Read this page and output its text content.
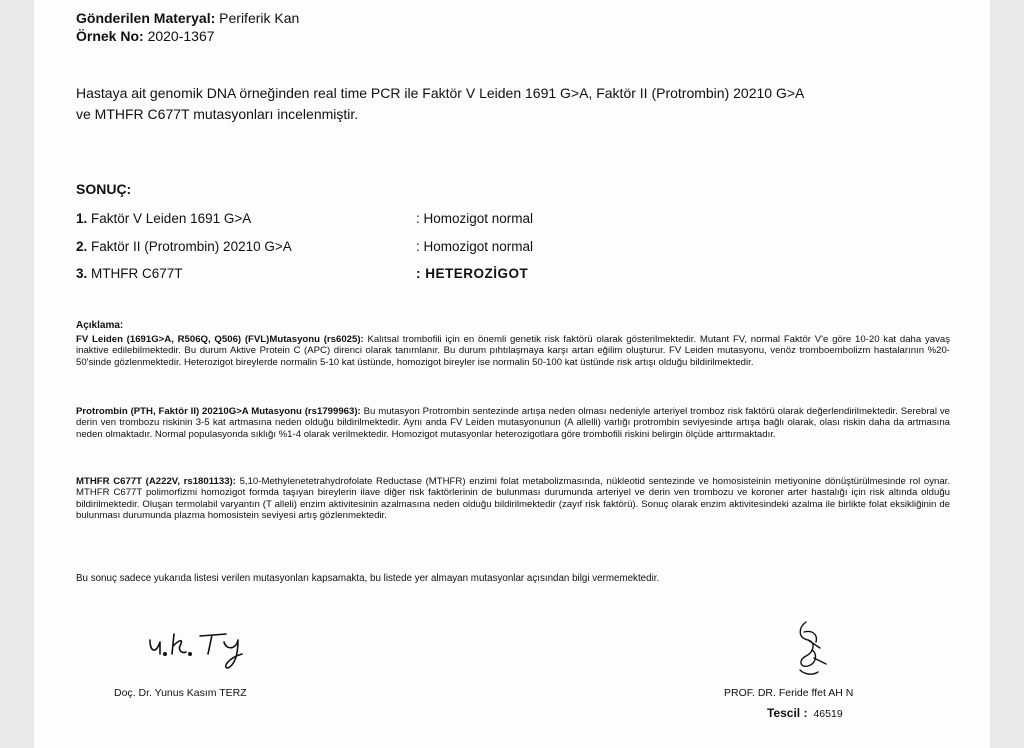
Gönderilen Materyal: Periferik Kan
Örnek No: 2020-1367
Hastaya ait genomik DNA örneğinden real time PCR ile Faktör V Leiden 1691 G>A, Faktör II (Protrombin) 20210 G>A
ve MTHFR C677T mutasyonları incelenmiştir.
SONUÇ:
1. Faktör V Leiden 1691 G>A	: Homozigot normal
2. Faktör II (Protrombin) 20210 G>A	: Homozigot normal
3. MTHFR C677T	: HETEROZİGOT
Açıklama:
FV Leiden (1691G>A, R506Q, Q506) (FVL)Mutasyonu (rs6025): Kalıtsal trombofili için en önemli genetik risk faktörü olarak gösterilmektedir. Mutant FV, normal Faktör V'e göre 10-20 kat daha yavaş inaktive edilebilmektedir. Bu durum Aktive Protein C (APC) direnci olarak tanımlanır. Bu durum pıhtılaşmaya karşı artan eğilim oluşturur. FV Leiden mutasyonu, venöz tromboembolizm hastalarının %20-50'sinde gözlenmektedir. Heterozigot bireylerde normalin 5-10 kat üstünde, homozigot bireyler ise normalin 50-100 kat üstünde risk artışı olduğu bildirilmektedir.
Protrombin (PTH, Faktör II) 20210G>A Mutasyonu (rs1799963): Bu mutasyon Protrombin sentezinde artışa neden olması nedeniyle arteriyel tromboz risk faktörü olarak değerlendirilmektedir. Serebral ve derin ven trombozu riskinin 3-5 kat artmasına neden olduğu bildirilmektedir. Aynı anda FV Leiden mutasyonunun (A allelli) varlığı protrombin seviyesinde artışa bağlı olarak, olası riskin daha da artmasına neden olmaktadır. Normal populasyonda sıklığı %1-4 olarak verilmektedir. Homozigot mutasyonlar heterozigotlara göre trombofili riskini belirgin ölçüde arttırmaktadır.
MTHFR C677T (A222V, rs1801133): 5,10-Methylenetetrahydrofolate Reductase (MTHFR) enzimi folat metabolizmasında, nükleotid sentezinde ve homosisteinin metiyonine dönüştürülmesinde rol oynar. MTHFR C677T polimorfizmi homozigot formda taşıyan bireylerin ilave diğer risk faktörlerinin de bulunması durumunda arteriyel ve derin ven trombozu ve koroner arter hastalığı için risk altında olduğu bildirilmektedir. Oluşan termolabil varyantın (T alleli) enzim aktivitesinin azalmasına neden olduğu bildirilmektedir (zayıf risk faktörü). Sonuç olarak enzim aktivitesindeki azalma ile birlikte folat eksikliğinin de bulunması durumunda plazma homosistein seviyesi artış gözlenmektedir.
Bu sonuç sadece yukarıda listesi verilen mutasyonları kapsamakta, bu listede yer almayan mutasyonlar açısından bilgi vermemektedir.
Doç. Dr. Yunus Kasım TERZ	PROF. DR. Feride ffet AH N
Tescil : 46519
